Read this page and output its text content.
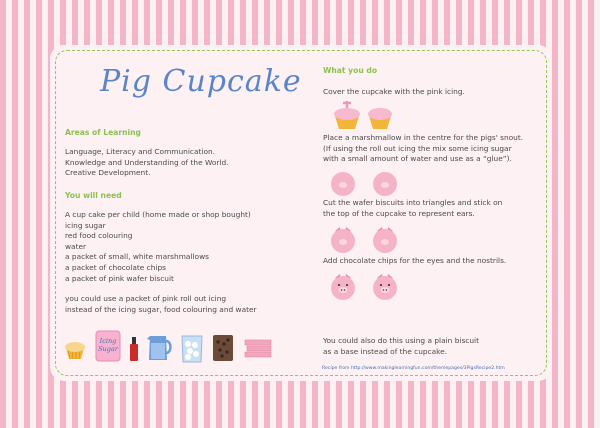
Pig Cupcake
Areas of Learning
Language, Literacy and Communication.
Knowledge and Understanding of the World.
Creative Development.
You will need
A cup cake per child (home made or shop bought)
icing sugar
red food colouring
water
a packet of small, white marshmallows
a packet of chocolate chips
a packet of pink wafer biscuit
you could use a packet of pink roll out icing
instead of the icing sugar, food colouring and water
Icing
Sugar
What you do
Cover the cupcake with the pink icing.
Place a marshmallow in the centre for the pigs' snout.
(If using the roll out icing the mix some icing sugar
with a small amount of water and use as a “glue”).
Cut the wafer biscuits into triangles and stick on
the top of the cupcake to represent ears.
Add chocolate chips for the eyes and the nostrils.
You could also do this using a plain biscuit
as a base instead of the cupcake.
Recipe from http://www.makinglearningfun.com/themepages/3PigsRecipe2.htm
